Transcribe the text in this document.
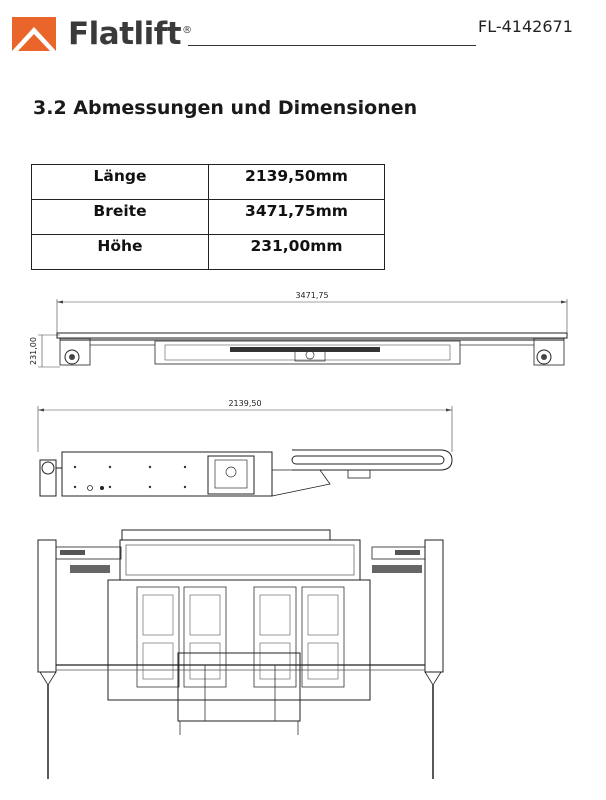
Flatlift ®	FL-4142671
3.2 Abmessungen und Dimensionen
Länge	2139,50mm
Breite	3471,75mm
Höhe	231,00mm
3471,75
231,00
2139,50
